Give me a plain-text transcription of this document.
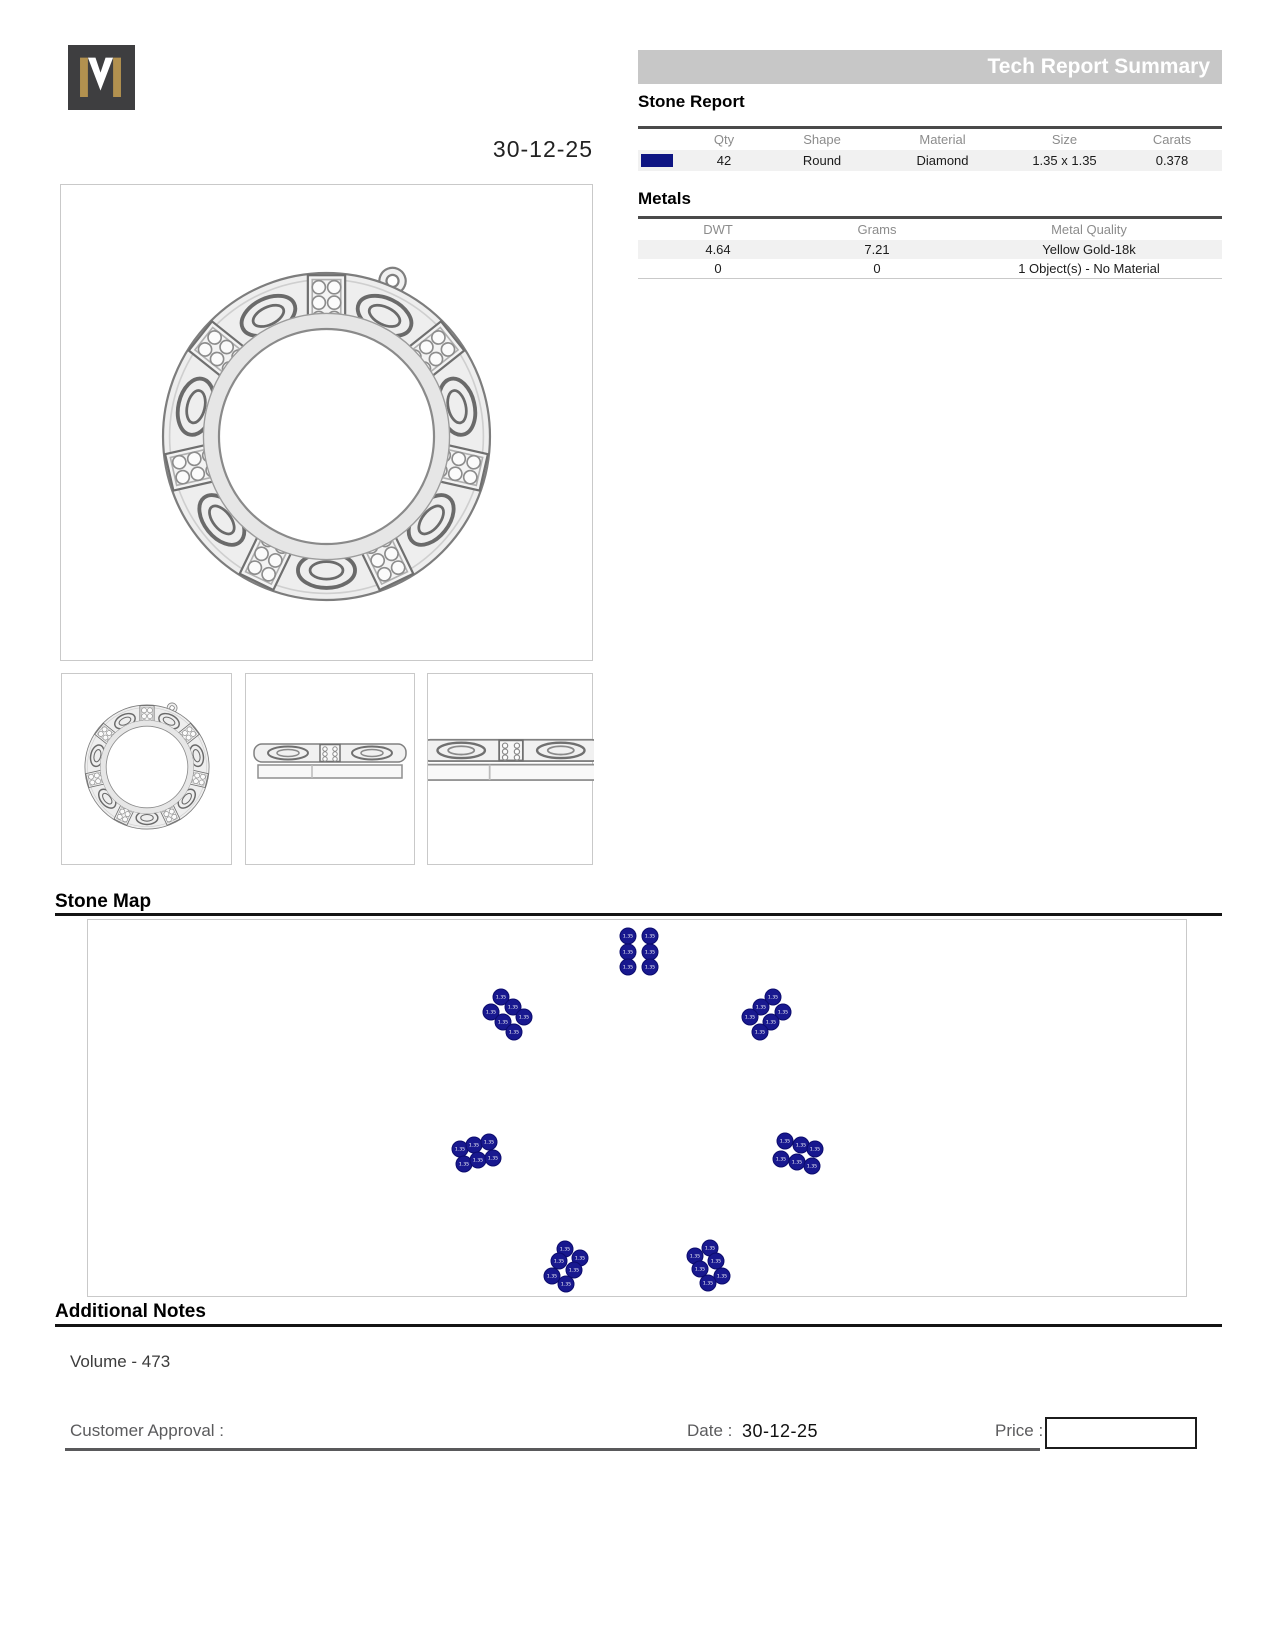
30-12-25
Tech Report Summary
Stone Report
Qty	Shape	Material	Size	Carats
42	Round	Diamond	1.35 x 1.35	0.378
Metals
DWT	Grams	Metal Quality
4.64	7.21	Yellow Gold-18k
0	0	1 Object(s) - No Material
Stone Map
1.35	1.35
1.35	1.35
1.35	1.35
1.35
1.35
1.35
1.35
1.35
1.35
1.35
1.35
1.35
1.35
1.35
1.35
1.35
1.35
1.35
1.35
1.35 1.35
1.35
1.35
1.35
1.35
1.35
1.35
1.35
1.35
1.35
1.35
1.35
1.35
1.35
1.35
1.35
1.35
1.35
1.35
Additional Notes
Volume - 473
Customer Approval :	Date : 30-12-25	Price :
